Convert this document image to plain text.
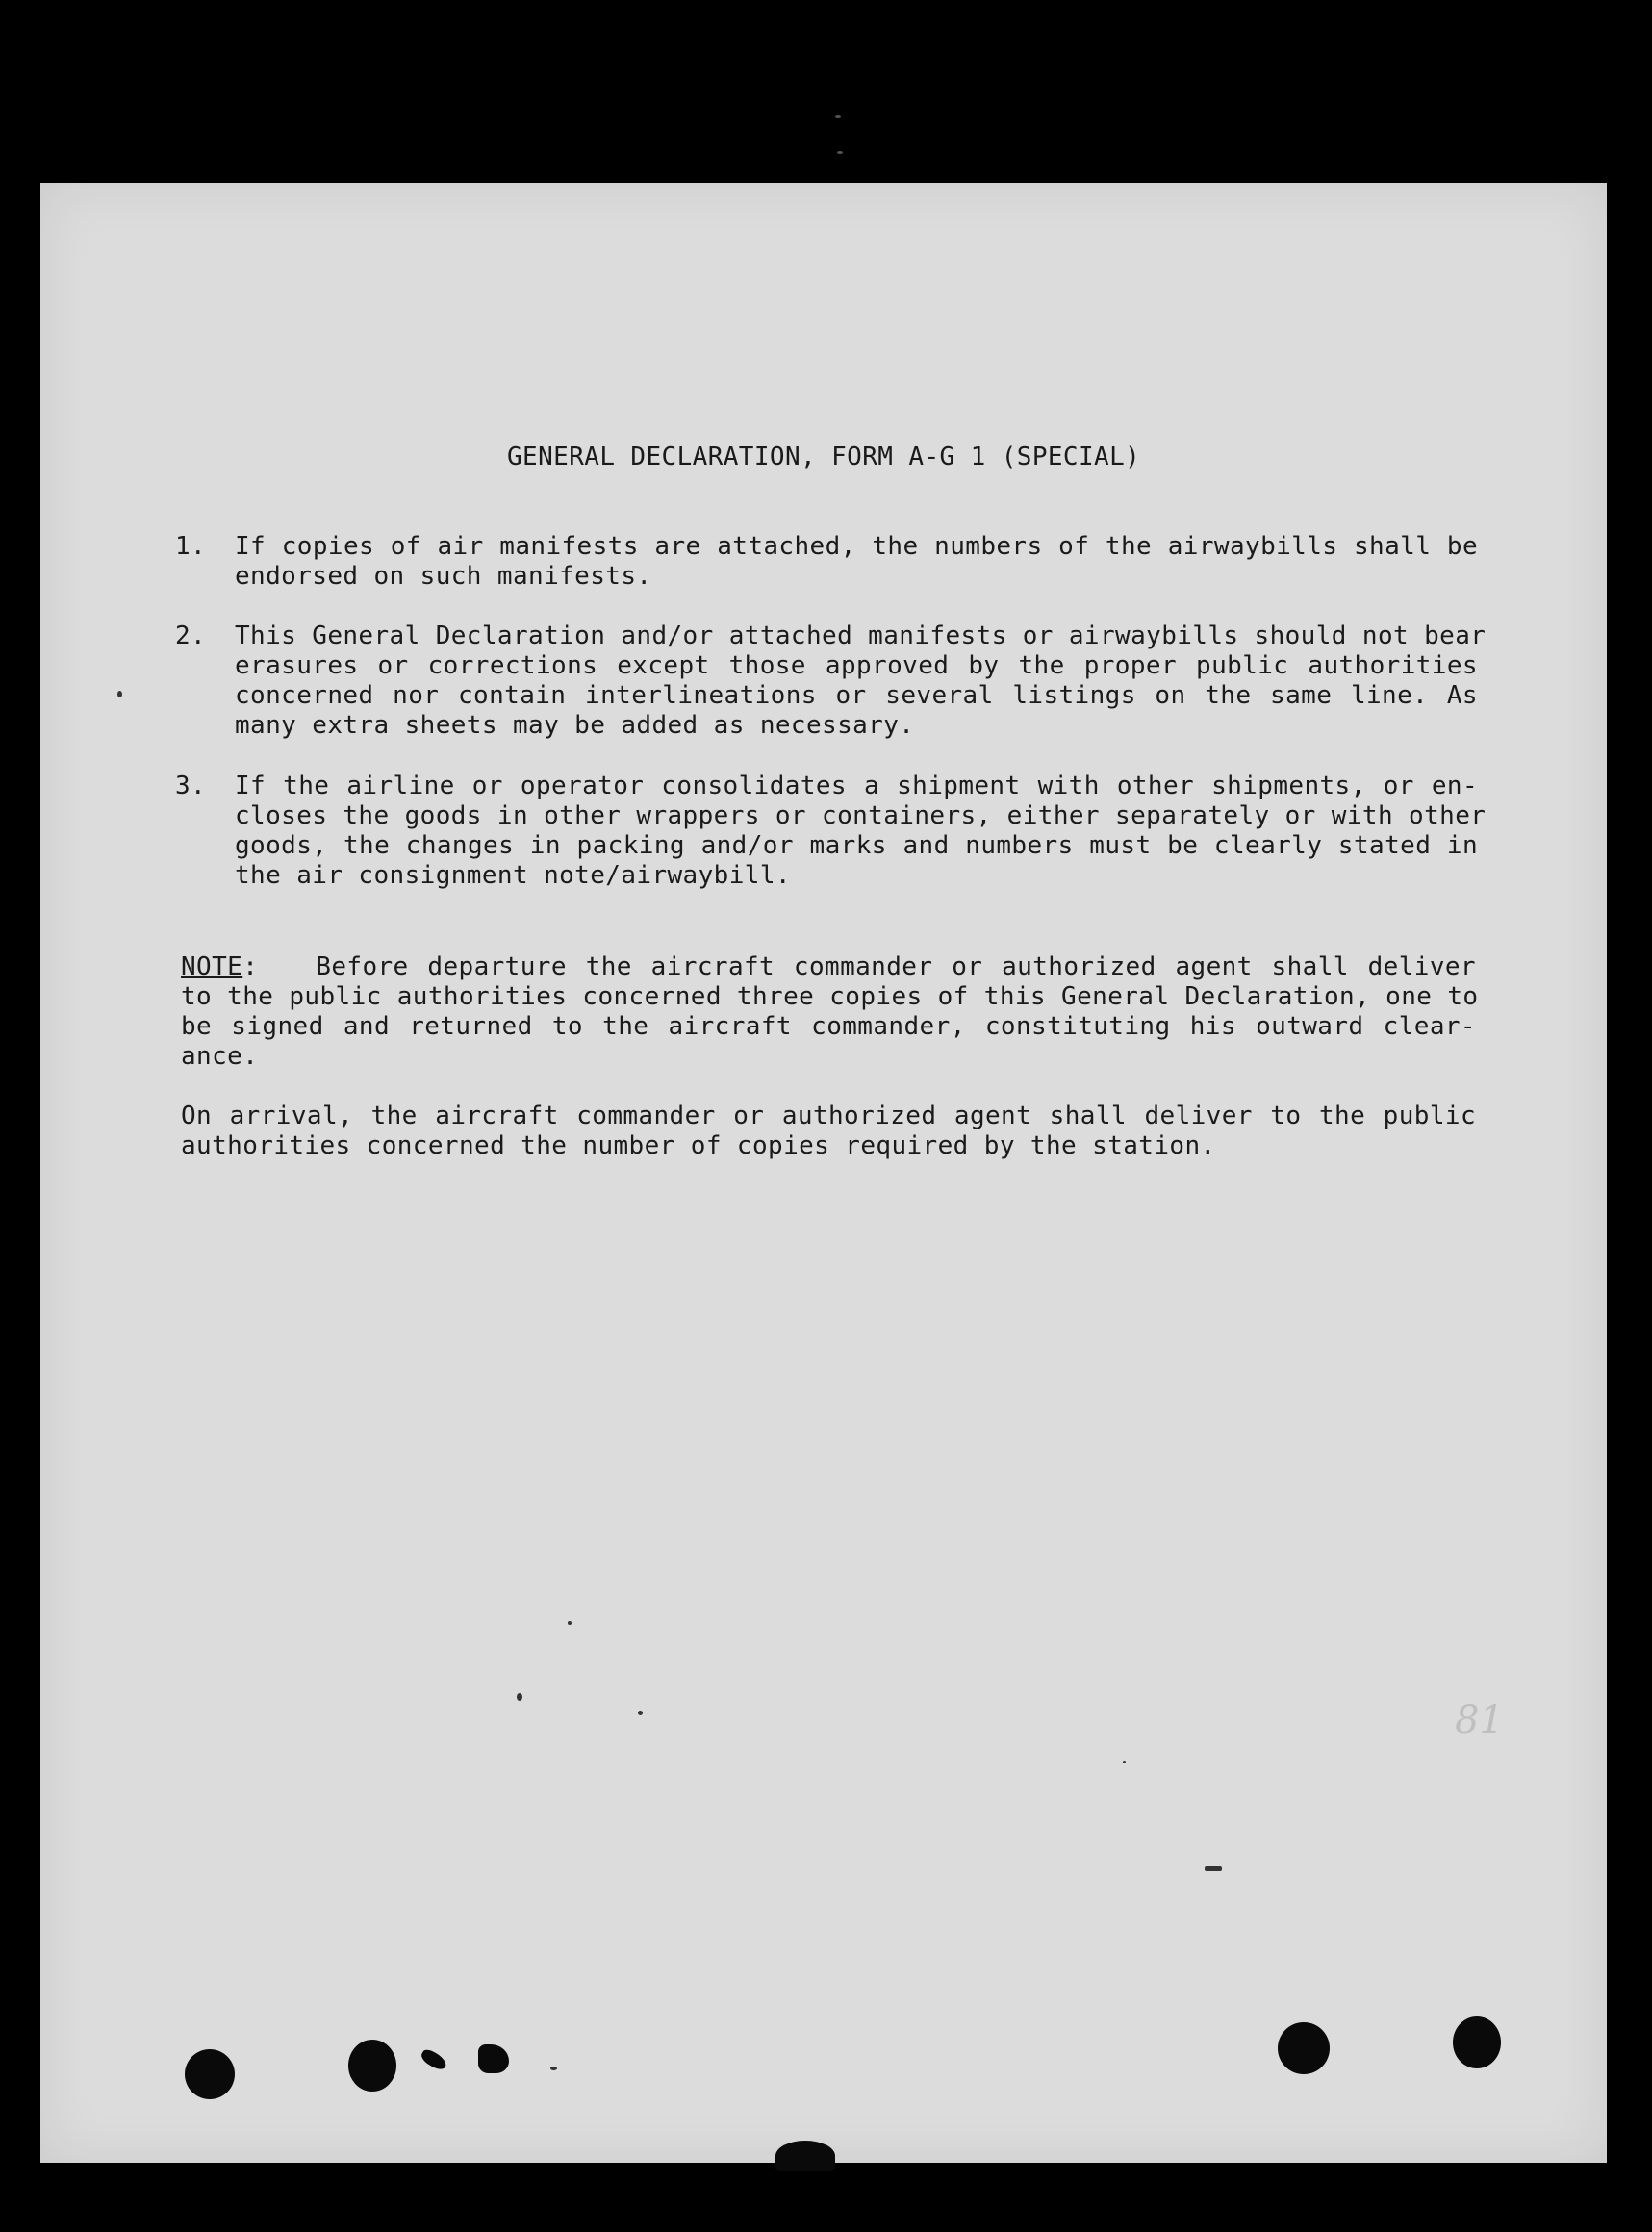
GENERAL DECLARATION, FORM A-G 1 (SPECIAL)
1.	If copies of air manifests are attached, the numbers of the airwaybills shall be
endorsed on such manifests.
2.	This General Declaration and/or attached manifests or airwaybills should not bear
erasures or corrections except those approved by the proper public authorities
concerned nor contain interlineations or several listings on the same line. As
many extra sheets may be added as necessary.
3.	If the airline or operator consolidates a shipment with other shipments, or en-
closes the goods in other wrappers or containers, either separately or with other
goods, the changes in packing and/or marks and numbers must be clearly stated in
the air consignment note/airwaybill.
NOTE: Before departure the aircraft commander or authorized agent shall deliver
to the public authorities concerned three copies of this General Declaration, one to
be signed and returned to the aircraft commander, constituting his outward clear-
ance.
On arrival, the aircraft commander or authorized agent shall deliver to the public
authorities concerned the number of copies required by the station.
81
